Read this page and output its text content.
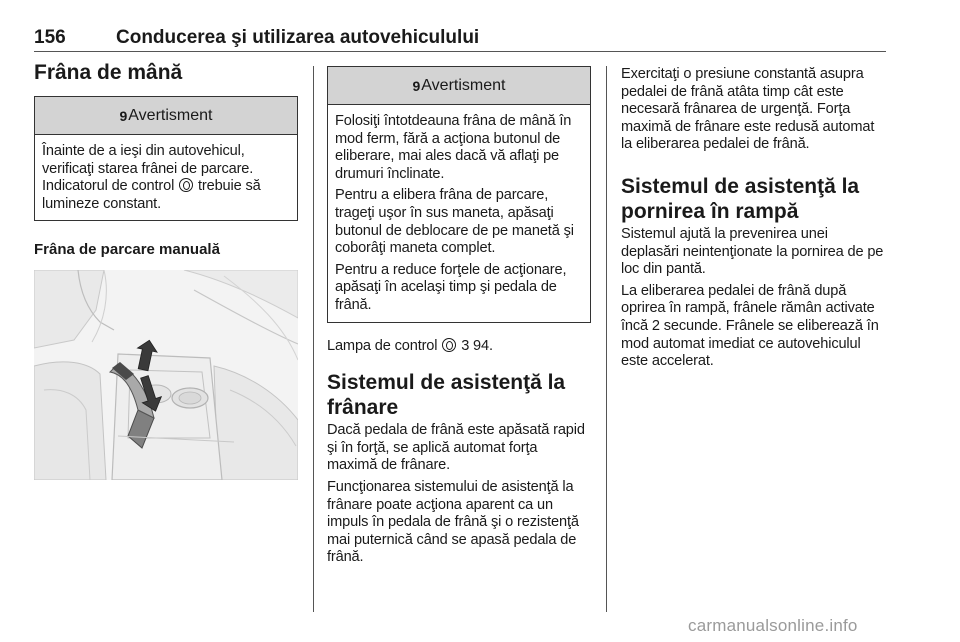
156	Conducerea şi utilizarea autovehiculului
Frâna de mână
9 Avertisment

Înainte de a ieşi din autovehicul, verificaţi starea frânei de parcare. Indicatorul de control trebuie să lumineze constant.

Frâna de parcare manuală
9 Avertisment

Folosiţi întotdeauna frâna de mână în mod ferm, fără a acţiona butonul de eliberare, mai ales dacă vă aflaţi pe drumuri înclinate.

Pentru a elibera frâna de parcare, trageţi uşor în sus maneta, apăsaţi butonul de deblocare de pe manetă şi coborâţi maneta complet.

Pentru a reduce forţele de acţionare, apăsaţi în acelaşi timp şi pedala de frână.

Lampa de control 3 94.

Sistemul de asistenţă la frânare

Dacă pedala de frână este apăsată rapid şi în forţă, se aplică automat forţa maximă de frânare.

Funcţionarea sistemului de asistenţă la frânare poate acţiona aparent ca un impuls în pedala de frână şi o rezistenţă mai puternică când se apasă pedala de frână.

Exercitaţi o presiune constantă asupra pedalei de frână atâta timp cât este necesară frânarea de urgenţă. Forţa maximă de frânare este redusă automat la eliberarea pedalei de frână.

Sistemul de asistenţă la pornirea în rampă

Sistemul ajută la prevenirea unei deplasări neintenţionate la pornirea de pe loc din pantă.

La eliberarea pedalei de frână după oprirea în rampă, frânele rămân activate încă 2 secunde. Frânele se eliberează în mod automat imediat ce autovehiculul este accelerat.

carmanualsonline.info
